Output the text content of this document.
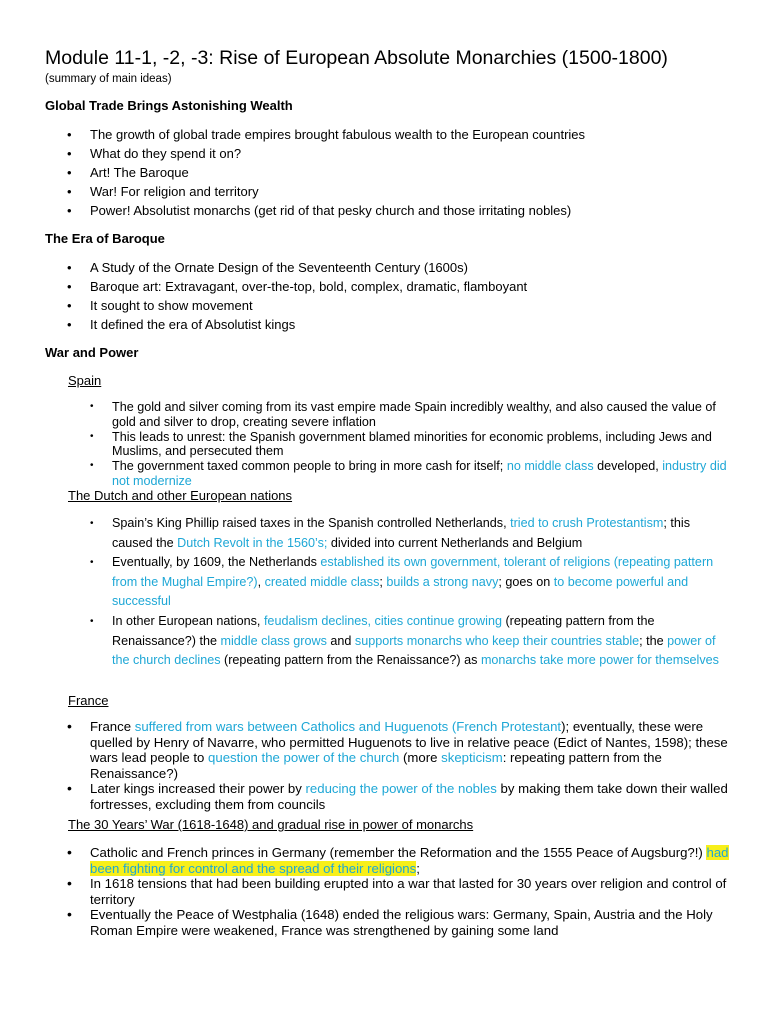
Module 11-1, -2, -3: Rise of European Absolute Monarchies (1500-1800)
(summary of main ideas)
Global Trade Brings Astonishing Wealth
• The growth of global trade empires brought fabulous wealth to the European countries
• What do they spend it on?
• Art! The Baroque
• War! For religion and territory
• Power! Absolutist monarchs (get rid of that pesky church and those irritating nobles)
The Era of Baroque
• A Study of the Ornate Design of the Seventeenth Century (1600s)
• Baroque art: Extravagant, over-the-top, bold, complex, dramatic, flamboyant
• It sought to show movement
• It defined the era of Absolutist kings
War and Power
Spain
• The gold and silver coming from its vast empire made Spain incredibly wealthy, and also caused the value of gold and silver to drop, creating severe inflation
• This leads to unrest: the Spanish government blamed minorities for economic problems, including Jews and Muslims, and persecuted them
• The government taxed common people to bring in more cash for itself; no middle class developed, industry did not modernize
The Dutch and other European nations
• Spain’s King Phillip raised taxes in the Spanish controlled Netherlands, tried to crush Protestantism; this caused the Dutch Revolt in the 1560’s; divided into current Netherlands and Belgium
• Eventually, by 1609, the Netherlands established its own government, tolerant of religions (repeating pattern from the Mughal Empire?), created middle class; builds a strong navy; goes on to become powerful and successful
• In other European nations, feudalism declines, cities continue growing (repeating pattern from the Renaissance?) the middle class grows and supports monarchs who keep their countries stable; the power of the church declines (repeating pattern from the Renaissance?) as monarchs take more power for themselves
France
• France suffered from wars between Catholics and Huguenots (French Protestant); eventually, these were quelled by Henry of Navarre, who permitted Huguenots to live in relative peace (Edict of Nantes, 1598); these wars lead people to question the power of the church (more skepticism: repeating pattern from the Renaissance?)
• Later kings increased their power by reducing the power of the nobles by making them take down their walled fortresses, excluding them from councils
The 30 Years’ War (1618-1648) and gradual rise in power of monarchs
• Catholic and French princes in Germany (remember the Reformation and the 1555 Peace of Augsburg?!) had been fighting for control and the spread of their religions;
• In 1618 tensions that had been building erupted into a war that lasted for 30 years over religion and control of territory
• Eventually the Peace of Westphalia (1648) ended the religious wars: Germany, Spain, Austria and the Holy Roman Empire were weakened, France was strengthened by gaining some land
